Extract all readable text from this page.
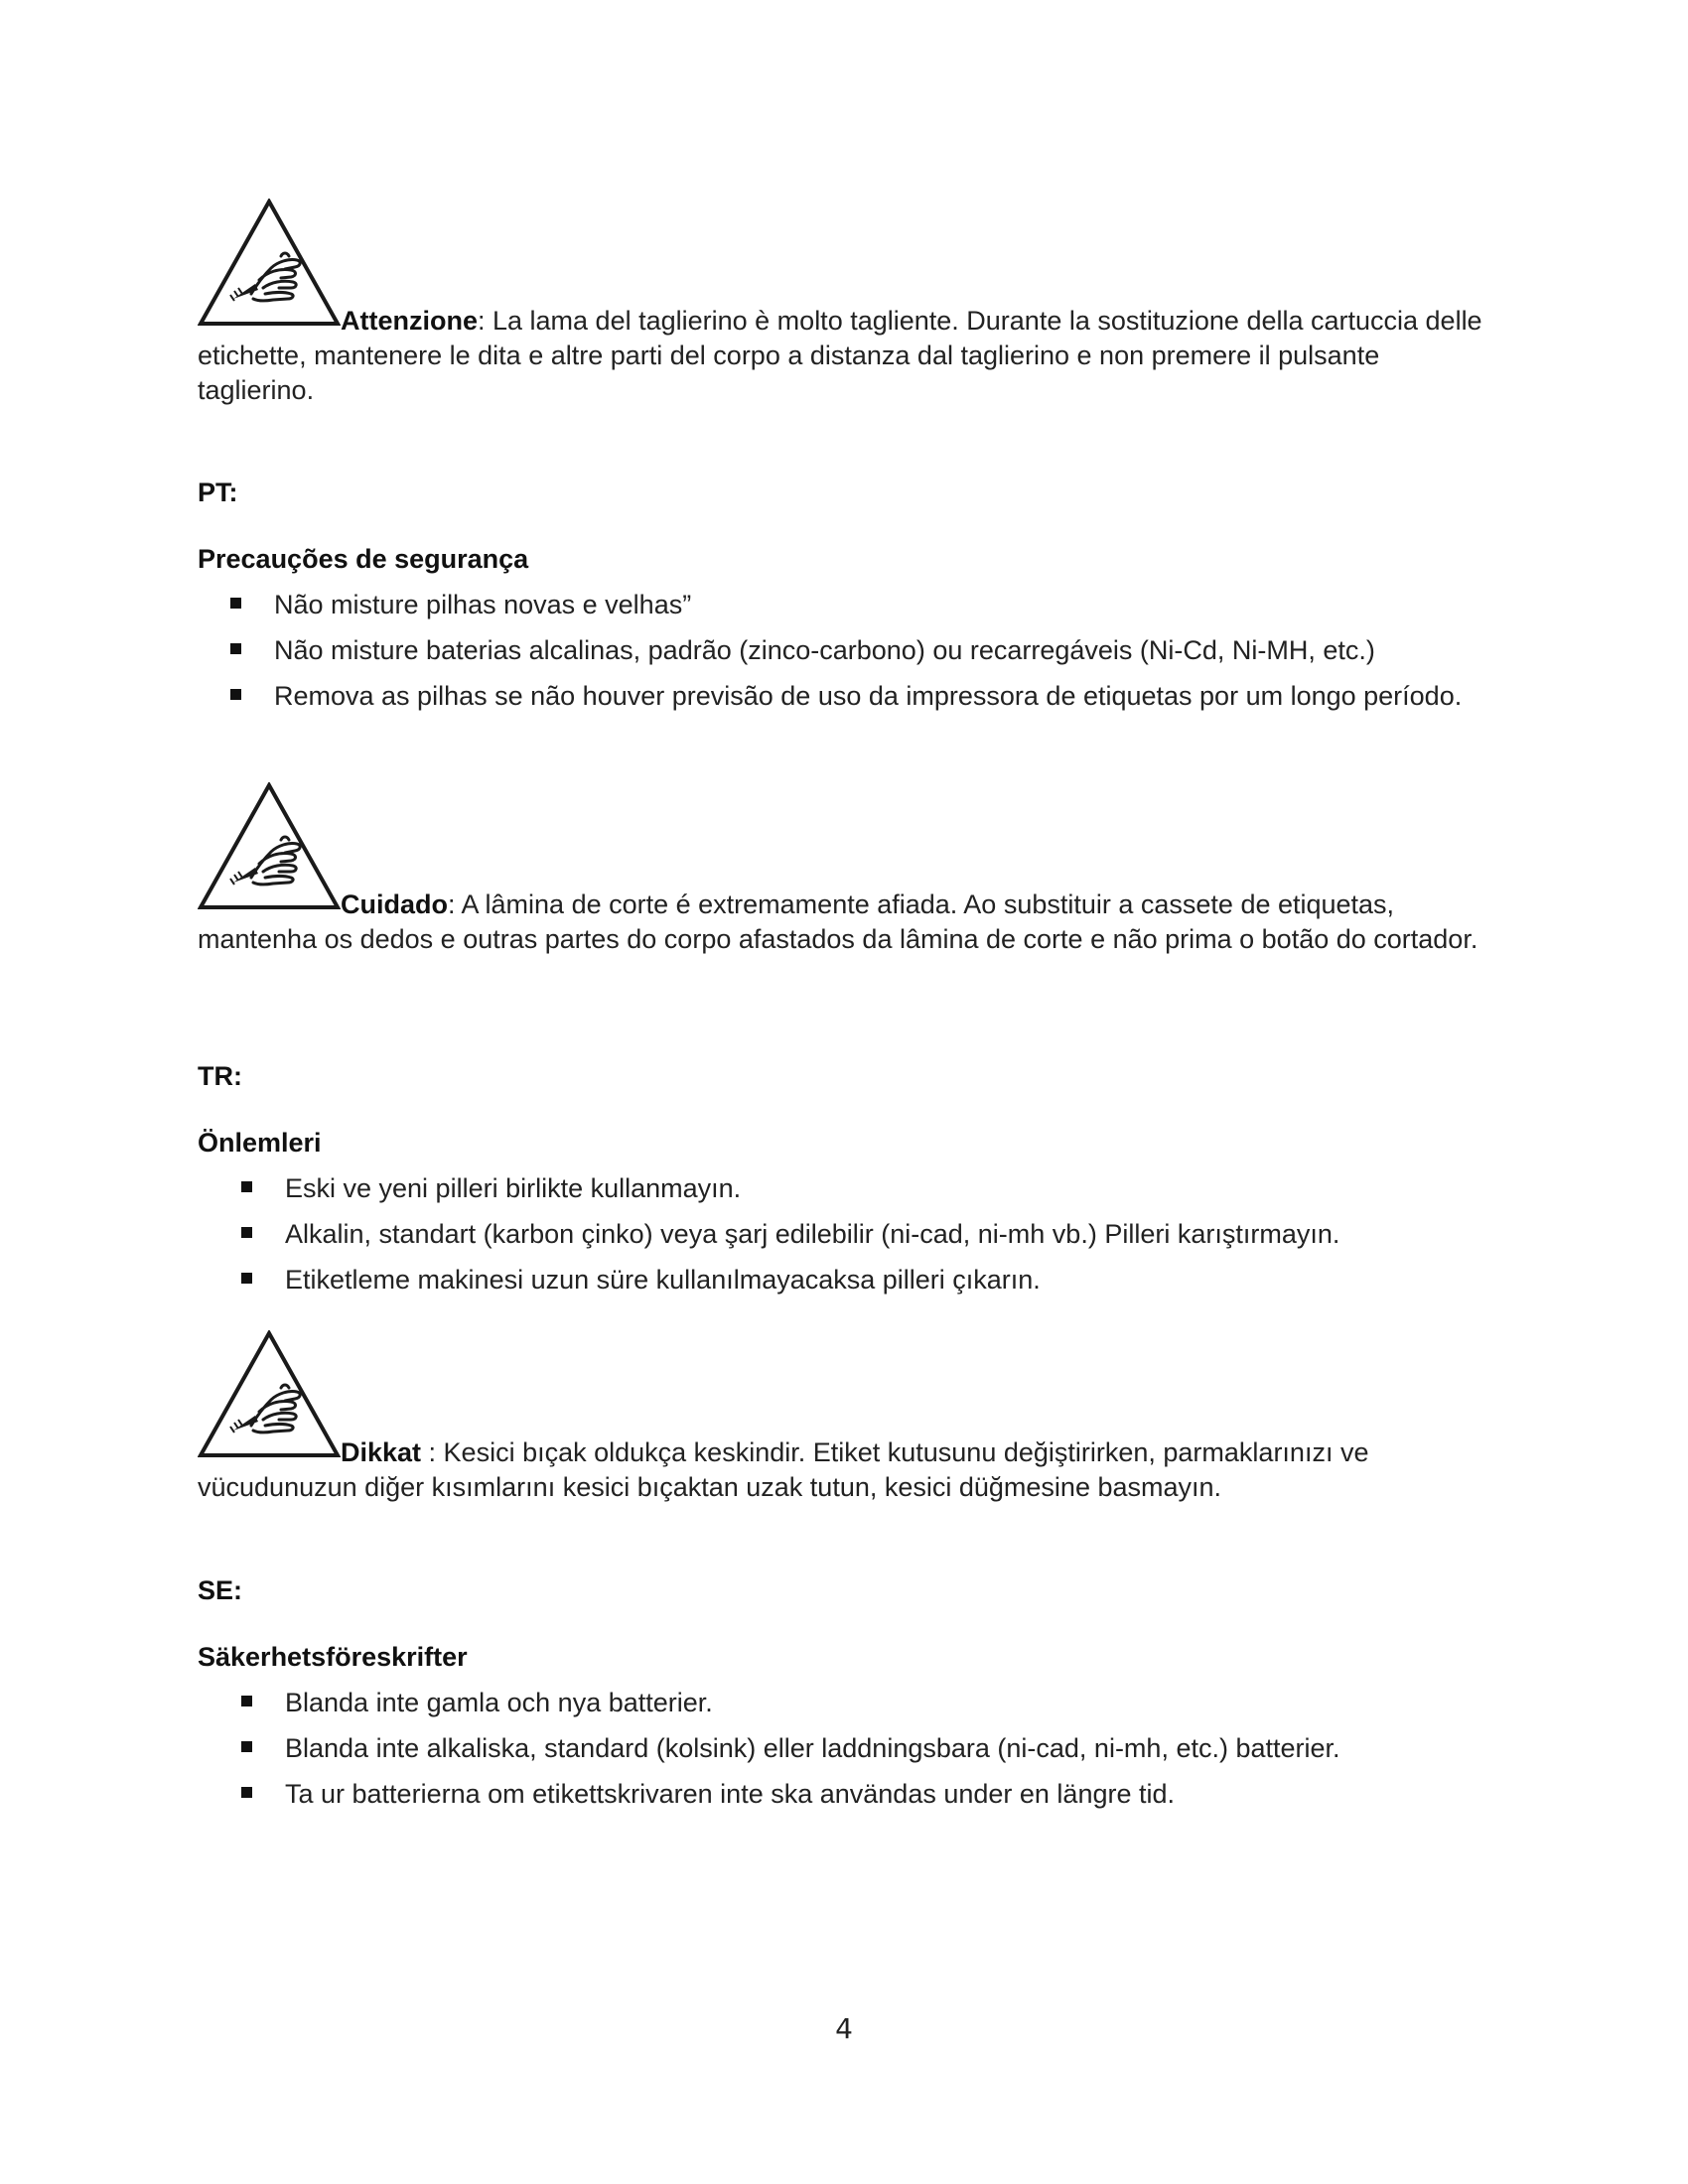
Attenzione: La lama del taglierino è molto tagliente. Durante la sostituzione della cartuccia delle etichette, mantenere le dita e altre parti del corpo a distanza dal taglierino e non premere il pulsante taglierino.
PT:
Precauções de segurança
Não misture pilhas novas e velhas”
Não misture baterias alcalinas, padrão (zinco-carbono) ou recarregáveis (Ni-Cd, Ni-MH, etc.)
Remova as pilhas se não houver previsão de uso da impressora de etiquetas por um longo período.
Cuidado: A lâmina de corte é extremamente afiada. Ao substituir a cassete de etiquetas, mantenha os dedos e outras partes do corpo afastados da lâmina de corte e não prima o botão do cortador.
TR:
Önlemleri
Eski ve yeni pilleri birlikte kullanmayın.
Alkalin, standart (karbon çinko) veya şarj edilebilir (ni-cad, ni-mh vb.) Pilleri karıştırmayın.
Etiketleme makinesi uzun süre kullanılmayacaksa pilleri çıkarın.
Dikkat : Kesici bıçak oldukça keskindir. Etiket kutusunu değiştirirken, parmaklarınızı ve vücudunuzun diğer kısımlarını kesici bıçaktan uzak tutun, kesici düğmesine basmayın.
SE:
Säkerhetsföreskrifter
Blanda inte gamla och nya batterier.
Blanda inte alkaliska, standard (kolsink) eller laddningsbara (ni-cad, ni-mh, etc.) batterier.
Ta ur batterierna om etikettskrivaren inte ska användas under en längre tid.
4
